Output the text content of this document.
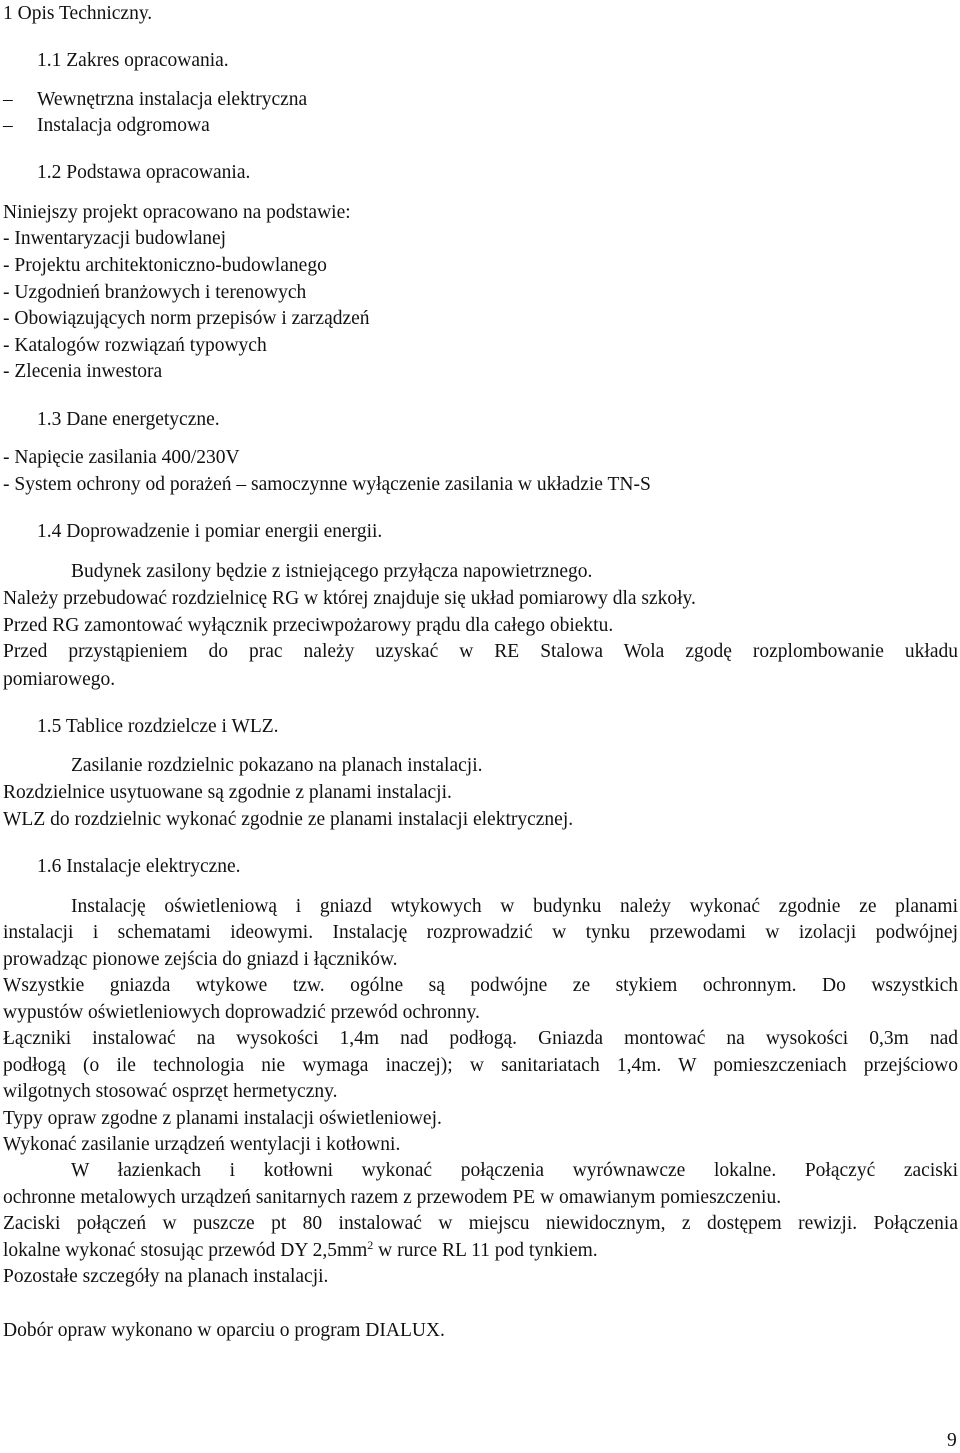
1 Opis Techniczny.
1.1 Zakres opracowania.
– Wewnętrzna instalacja elektryczna
– Instalacja odgromowa
1.2 Podstawa opracowania.
Niniejszy projekt opracowano na podstawie:
- Inwentaryzacji budowlanej
- Projektu architektoniczno-budowlanego
- Uzgodnień branżowych i terenowych
- Obowiązujących norm przepisów i zarządzeń
- Katalogów rozwiązań typowych
- Zlecenia inwestora
1.3 Dane energetyczne.
- Napięcie zasilania 400/230V
- System ochrony od porażeń – samoczynne wyłączenie zasilania w układzie TN-S
1.4 Doprowadzenie i pomiar energii energii.
Budynek zasilony będzie z istniejącego przyłącza napowietrznego.
Należy przebudować rozdzielnicę RG w której znajduje się układ pomiarowy dla szkoły.
Przed RG zamontować wyłącznik przeciwpożarowy prądu dla całego obiektu.
Przed przystąpieniem do prac należy uzyskać w RE Stalowa Wola zgodę rozplombowanie układu
pomiarowego.
1.5 Tablice rozdzielcze i WLZ.
Zasilanie rozdzielnic pokazano na planach instalacji.
Rozdzielnice usytuowane są zgodnie z planami instalacji.
WLZ do rozdzielnic wykonać zgodnie ze planami instalacji elektrycznej.
1.6 Instalacje elektryczne.
Instalację oświetleniową i gniazd wtykowych w budynku należy wykonać zgodnie ze planami
instalacji i schematami ideowymi. Instalację rozprowadzić w tynku przewodami w izolacji podwójnej
prowadząc pionowe zejścia do gniazd i łączników.
Wszystkie gniazda wtykowe tzw. ogólne są podwójne ze stykiem ochronnym. Do wszystkich
wypustów oświetleniowych doprowadzić przewód ochronny.
Łączniki instalować na wysokości 1,4m nad podłogą. Gniazda montować na wysokości 0,3m nad
podłogą (o ile technologia nie wymaga inaczej); w sanitariatach 1,4m. W pomieszczeniach przejściowo
wilgotnych stosować osprzęt hermetyczny.
Typy opraw zgodne z planami instalacji oświetleniowej.
Wykonać zasilanie urządzeń wentylacji i kotłowni.
W łazienkach i kotłowni wykonać połączenia wyrównawcze lokalne. Połączyć zaciski
ochronne metalowych urządzeń sanitarnych razem z przewodem PE w omawianym pomieszczeniu.
Zaciski połączeń w puszcze pt 80 instalować w miejscu niewidocznym, z dostępem rewizji. Połączenia
lokalne wykonać stosując przewód DY $2,5mm^2$ w rurce RL 11 pod tynkiem.
Pozostałe szczegóły na planach instalacji.
Dobór opraw wykonano w oparciu o program DIALUX.
9
